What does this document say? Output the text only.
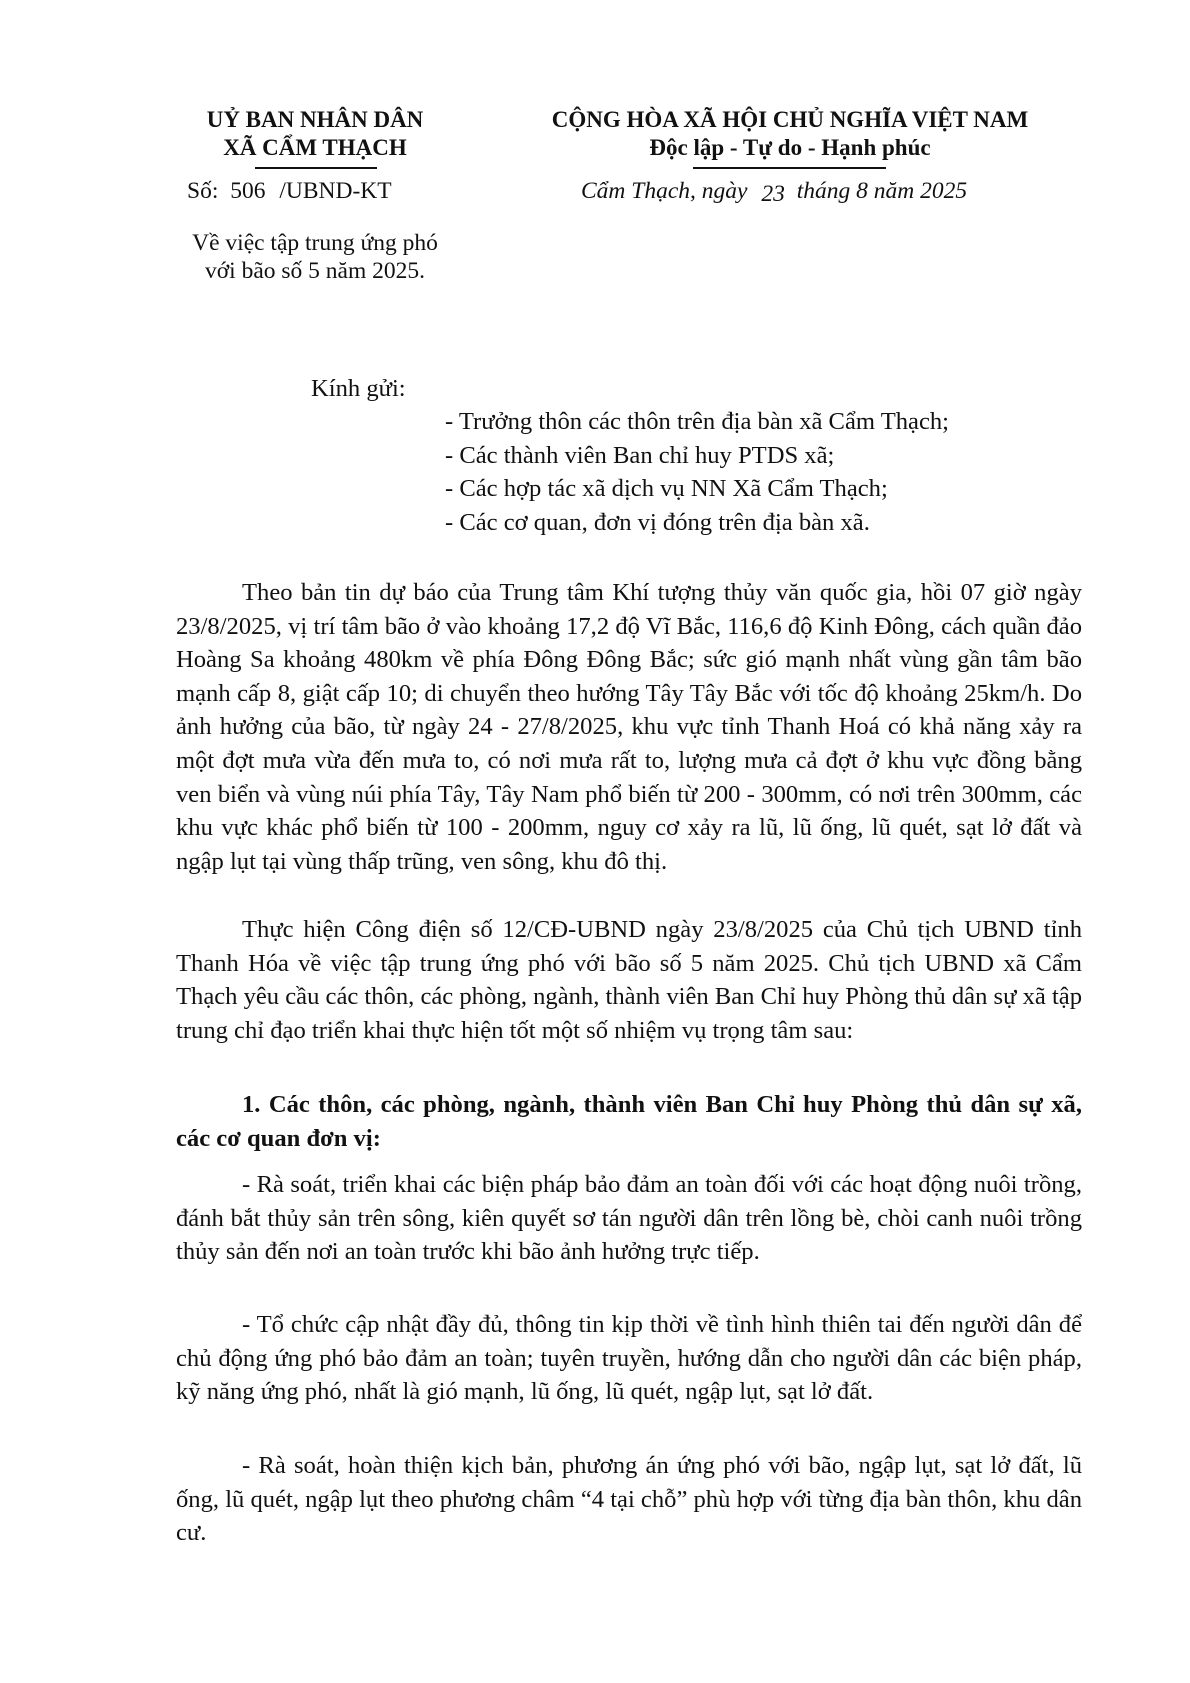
UỶ BAN NHÂN DÂN
XÃ CẨM THẠCH
CỘNG HÒA XÃ HỘI CHỦ NGHĨA VIỆT NAM
Độc lập - Tự do - Hạnh phúc
Số: 506 /UBND-KT	Cẩm Thạch, ngày 23 tháng 8 năm 2025
Về việc tập trung ứng phó
với bão số 5 năm 2025.
Kính gửi:
- Trưởng thôn các thôn trên địa bàn xã Cẩm Thạch;
- Các thành viên Ban chỉ huy PTDS xã;
- Các hợp tác xã dịch vụ NN Xã Cẩm Thạch;
- Các cơ quan, đơn vị đóng trên địa bàn xã.

Theo bản tin dự báo của Trung tâm Khí tượng thủy văn quốc gia, hồi 07 giờ ngày 23/8/2025, vị trí tâm bão ở vào khoảng 17,2 độ Vĩ Bắc, 116,6 độ Kinh Đông, cách quần đảo Hoàng Sa khoảng 480km về phía Đông Đông Bắc; sức gió mạnh nhất vùng gần tâm bão mạnh cấp 8, giật cấp 10; di chuyển theo hướng Tây Tây Bắc với tốc độ khoảng 25km/h. Do ảnh hưởng của bão, từ ngày 24 - 27/8/2025, khu vực tỉnh Thanh Hoá có khả năng xảy ra một đợt mưa vừa đến mưa to, có nơi mưa rất to, lượng mưa cả đợt ở khu vực đồng bằng ven biển và vùng núi phía Tây, Tây Nam phổ biến từ 200 - 300mm, có nơi trên 300mm, các khu vực khác phổ biến từ 100 - 200mm, nguy cơ xảy ra lũ, lũ ống, lũ quét, sạt lở đất và ngập lụt tại vùng thấp trũng, ven sông, khu đô thị.

Thực hiện Công điện số 12/CĐ-UBND ngày 23/8/2025 của Chủ tịch UBND tỉnh Thanh Hóa về việc tập trung ứng phó với bão số 5 năm 2025. Chủ tịch UBND xã Cẩm Thạch yêu cầu các thôn, các phòng, ngành, thành viên Ban Chỉ huy Phòng thủ dân sự xã tập trung chỉ đạo triển khai thực hiện tốt một số nhiệm vụ trọng tâm sau:

1. Các thôn, các phòng, ngành, thành viên Ban Chỉ huy Phòng thủ dân sự xã, các cơ quan đơn vị:

- Rà soát, triển khai các biện pháp bảo đảm an toàn đối với các hoạt động nuôi trồng, đánh bắt thủy sản trên sông, kiên quyết sơ tán người dân trên lồng bè, chòi canh nuôi trồng thủy sản đến nơi an toàn trước khi bão ảnh hưởng trực tiếp.

- Tổ chức cập nhật đầy đủ, thông tin kịp thời về tình hình thiên tai đến người dân để chủ động ứng phó bảo đảm an toàn; tuyên truyền, hướng dẫn cho người dân các biện pháp, kỹ năng ứng phó, nhất là gió mạnh, lũ ống, lũ quét, ngập lụt, sạt lở đất.

- Rà soát, hoàn thiện kịch bản, phương án ứng phó với bão, ngập lụt, sạt lở đất, lũ ống, lũ quét, ngập lụt theo phương châm “4 tại chỗ” phù hợp với từng địa bàn thôn, khu dân cư.
